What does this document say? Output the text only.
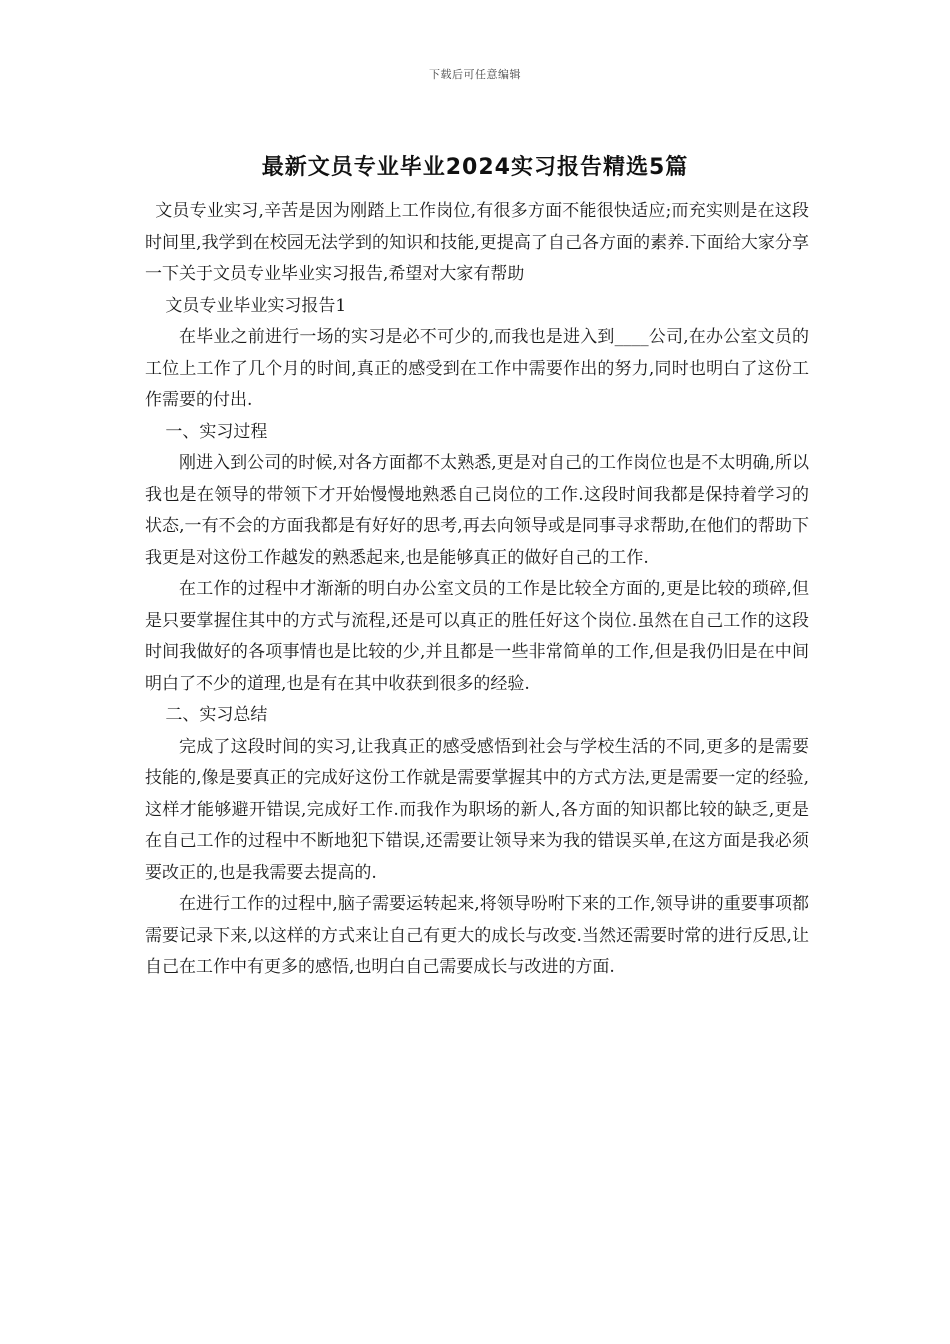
下载后可任意编辑
最新文员专业毕业2024实习报告精选5篇

文员专业实习,辛苦是因为刚踏上工作岗位,有很多方面不能很快适应;而充实则是在这段时间里,我学到在校园无法学到的知识和技能,更提高了自己各方面的素养.下面给大家分享一下关于文员专业毕业实习报告,希望对大家有帮助

文员专业毕业实习报告1

在毕业之前进行一场的实习是必不可少的,而我也是进入到____公司,在办公室文员的工位上工作了几个月的时间,真正的感受到在工作中需要作出的努力,同时也明白了这份工作需要的付出.

一、实习过程

刚进入到公司的时候,对各方面都不太熟悉,更是对自己的工作岗位也是不太明确,所以我也是在领导的带领下才开始慢慢地熟悉自己岗位的工作.这段时间我都是保持着学习的状态,一有不会的方面我都是有好好的思考,再去向领导或是同事寻求帮助,在他们的帮助下我更是对这份工作越发的熟悉起来,也是能够真正的做好自己的工作.

在工作的过程中才渐渐的明白办公室文员的工作是比较全方面的,更是比较的琐碎,但是只要掌握住其中的方式与流程,还是可以真正的胜任好这个岗位.虽然在自己工作的这段时间我做好的各项事情也是比较的少,并且都是一些非常简单的工作,但是我仍旧是在中间明白了不少的道理,也是有在其中收获到很多的经验.

二、实习总结

完成了这段时间的实习,让我真正的感受感悟到社会与学校生活的不同,更多的是需要技能的,像是要真正的完成好这份工作就是需要掌握其中的方式方法,更是需要一定的经验,这样才能够避开错误,完成好工作.而我作为职场的新人,各方面的知识都比较的缺乏,更是在自己工作的过程中不断地犯下错误,还需要让领导来为我的错误买单,在这方面是我必须要改正的,也是我需要去提高的.

在进行工作的过程中,脑子需要运转起来,将领导吩咐下来的工作,领导讲的重要事项都需要记录下来,以这样的方式来让自己有更大的成长与改变.当然还需要时常的进行反思,让自己在工作中有更多的感悟,也明白自己需要成长与改进的方面.
